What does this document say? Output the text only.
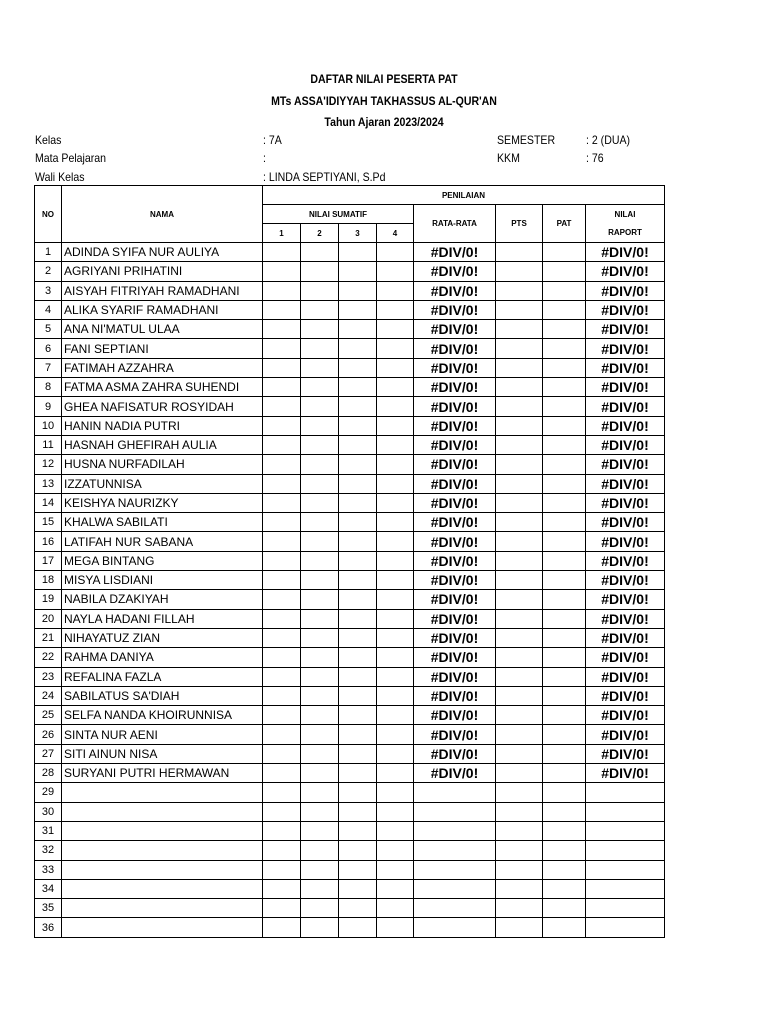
DAFTAR NILAI PESERTA PAT
MTs ASSA'IDIYYAH TAKHASSUS AL-QUR'AN
Tahun Ajaran 2023/2024
Kelas	: 7A
Mata Pelajaran	:
Wali Kelas	: LINDA SEPTIYANI, S.Pd
SEMESTER	: 2 (DUA)
KKM	: 76
NO	NAMA	PENILAIAN							
		NILAI SUMATIF				RATA-RATA	PTS	PAT	NILAI

RAPORT
		1	2	3	4				
1	ADINDA SYIFA NUR AULIYA					#DIV/0!			#DIV/0!
2	AGRIYANI PRIHATINI					#DIV/0!			#DIV/0!
3	AISYAH FITRIYAH RAMADHANI					#DIV/0!			#DIV/0!
4	ALIKA SYARIF RAMADHANI					#DIV/0!			#DIV/0!
5	ANA NI'MATUL ULAA					#DIV/0!			#DIV/0!
6	FANI SEPTIANI					#DIV/0!			#DIV/0!
7	FATIMAH AZZAHRA					#DIV/0!			#DIV/0!
8	FATMA ASMA ZAHRA SUHENDI					#DIV/0!			#DIV/0!
9	GHEA NAFISATUR ROSYIDAH					#DIV/0!			#DIV/0!
10	HANIN NADIA PUTRI					#DIV/0!			#DIV/0!
11	HASNAH GHEFIRAH AULIA					#DIV/0!			#DIV/0!
12	HUSNA NURFADILAH					#DIV/0!			#DIV/0!
13	IZZATUNNISA					#DIV/0!			#DIV/0!
14	KEISHYA NAURIZKY					#DIV/0!			#DIV/0!
15	KHALWA SABILATI					#DIV/0!			#DIV/0!
16	LATIFAH NUR SABANA					#DIV/0!			#DIV/0!
17	MEGA BINTANG					#DIV/0!			#DIV/0!
18	MISYA LISDIANI					#DIV/0!			#DIV/0!
19	NABILA DZAKIYAH					#DIV/0!			#DIV/0!
20	NAYLA HADANI FILLAH					#DIV/0!			#DIV/0!
21	NIHAYATUZ ZIAN					#DIV/0!			#DIV/0!
22	RAHMA DANIYA					#DIV/0!			#DIV/0!
23	REFALINA FAZLA					#DIV/0!			#DIV/0!
24	SABILATUS SA'DIAH					#DIV/0!			#DIV/0!
25	SELFA NANDA KHOIRUNNISA					#DIV/0!			#DIV/0!
26	SINTA NUR AENI					#DIV/0!			#DIV/0!
27	SITI AINUN NISA					#DIV/0!			#DIV/0!
28	SURYANI PUTRI HERMAWAN					#DIV/0!			#DIV/0!
29									
30									
31									
32									
33									
34									
35									
36									
